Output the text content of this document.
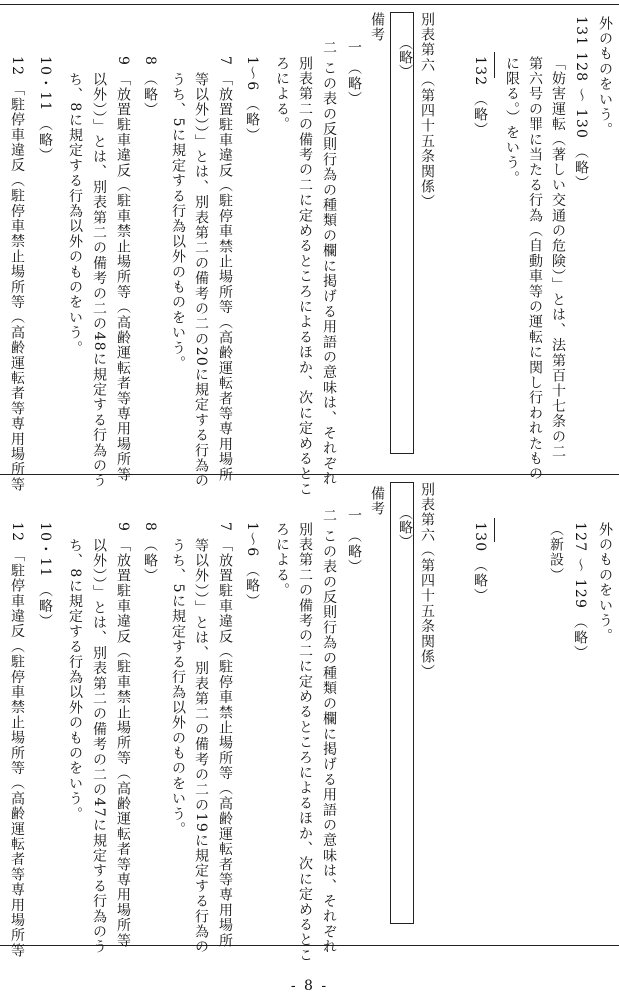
外のものをいう。
131 128 〜 130 （略）
「妨害運転（著しい交通の危険）」とは、法第百十七条の二
第六号の罪に当たる行為（自動車等の運転に関し行われたもの
に限る。）をいう。
132 （略）
別表第六（第四十五条関係）
（略）
備考
一 （略）
二 この表の反則行為の種類の欄に掲げる用語の意味は、それぞれ
別表第二の備考の二に定めるところによるほか、次に定めるとこ
ろによる。
1〜6 （略）
7 「放置駐車違反（駐停車禁止場所等（高齢運転者等専用場所
等以外））」とは、別表第二の備考の二の20に規定する行為の
うち、5に規定する行為以外のものをいう。
8 （略）
9 「放置駐車違反（駐車禁止場所等（高齢運転者等専用場所等
以外））」とは、別表第二の備考の二の48に規定する行為のう
ち、8に規定する行為以外のものをいう。
10・11 （略）
12 「駐停車違反（駐停車禁止場所等（高齢運転者等専用場所等
外のものをいう。
127 〜 129 （略）
（新設）
130 （略）
別表第六（第四十五条関係）
（略）
備考
一 （略）
二 この表の反則行為の種類の欄に掲げる用語の意味は、それぞれ
別表第二の備考の二に定めるところによるほか、次に定めるとこ
ろによる。
1〜6 （略）
7 「放置駐車違反（駐停車禁止場所等（高齢運転者等専用場所
等以外））」とは、別表第二の備考の二の19に規定する行為の
うち、5に規定する行為以外のものをいう。
8 （略）
9 「放置駐車違反（駐車禁止場所等（高齢運転者等専用場所等
以外））」とは、別表第二の備考の二の47に規定する行為のう
ち、8に規定する行為以外のものをいう。
10・11 （略）
12 「駐停車違反（駐停車禁止場所等（高齢運転者等専用場所等
- 8 -
